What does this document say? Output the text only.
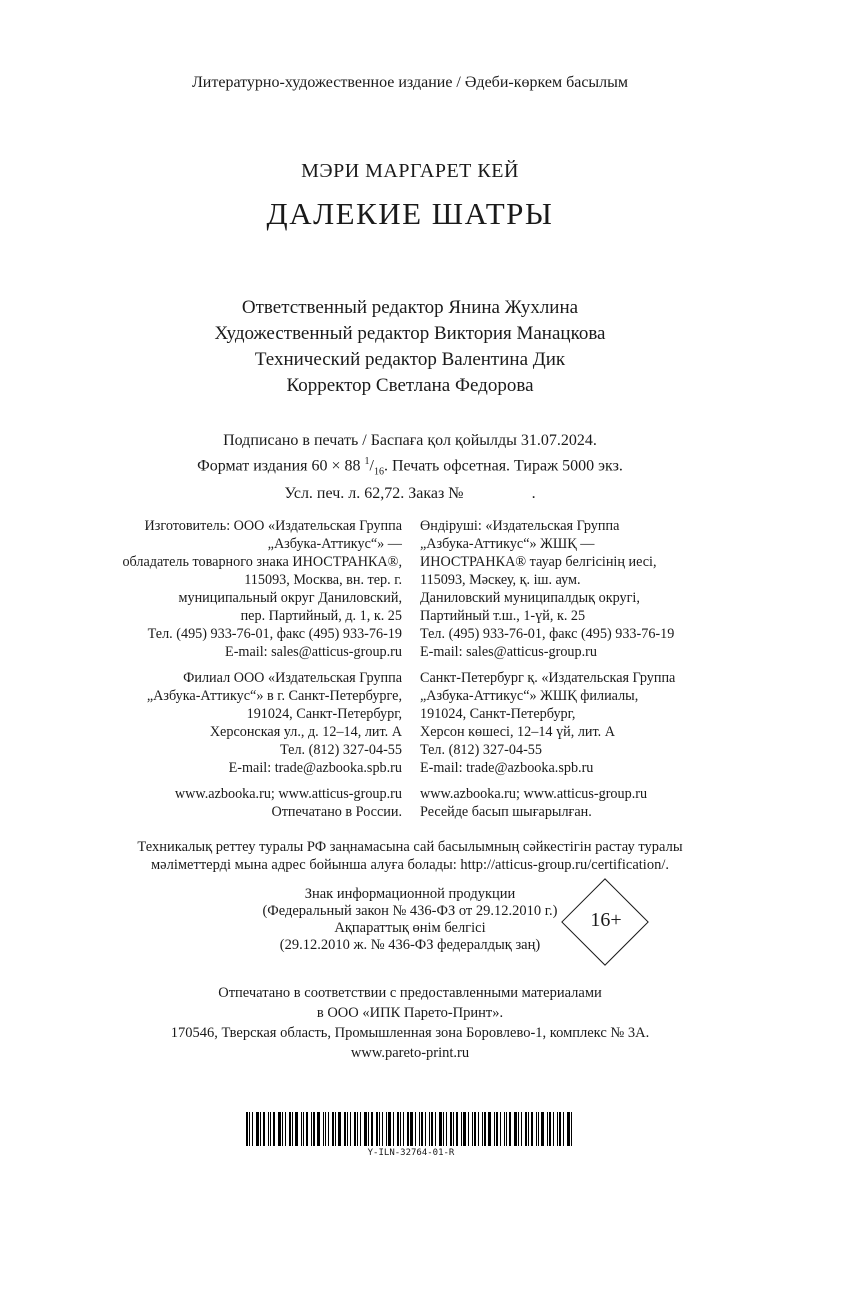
Литературно-художественное издание / Әдеби-көркем басылым
МЭРИ МАРГАРЕТ КЕЙ
ДАЛЕКИЕ ШАТРЫ
Ответственный редактор Янина Жухлина
Художественный редактор Виктория Манацкова
Технический редактор Валентина Дик
Корректор Светлана Федорова
Подписано в печать / Баспаға қол қойылды 31.07.2024.
Формат издания 60 × 88 $^1/_{16}$. Печать офсетная. Тираж 5000 экз.
Усл. печ. л. 62,72. Заказ №                 .
Изготовитель: ООО «Издательская Группа
„Азбука-Аттикус“» —
обладатель товарного знака ИНОСТРАНКА®,
115093, Москва, вн. тер. г.
муниципальный округ Даниловский,
пер. Партийный, д. 1, к. 25
Тел. (495) 933-76-01, факс (495) 933-76-19
E-mail: sales@atticus-group.ru
Филиал ООО «Издательская Группа
„Азбука-Аттикус“» в г. Санкт-Петербурге,
191024, Санкт-Петербург,
Херсонская ул., д. 12–14, лит. А
Тел. (812) 327-04-55
E-mail: trade@azbooka.spb.ru
www.azbooka.ru; www.atticus-group.ru
Отпечатано в России.
Өндіруші: «Издательская Группа
„Азбука-Аттикус“» ЖШҚ —
ИНОСТРАНКА® тауар белгісінің иесі,
115093, Мәскеу, қ. іш. аум.
Даниловский муниципалдық округі,
Партийный т.ш., 1-үй, к. 25
Тел. (495) 933-76-01, факс (495) 933-76-19
E-mail: sales@atticus-group.ru
Санкт-Петербург қ. «Издательская Группа
„Азбука-Аттикус“» ЖШҚ филиалы,
191024, Санкт-Петербург,
Херсон көшесі, 12–14 үй, лит. А
Тел. (812) 327-04-55
E-mail: trade@azbooka.spb.ru
www.azbooka.ru; www.atticus-group.ru
Ресейде басып шығарылған.
Техникалық реттеу туралы РФ заңнамасына сай басылымның сәйкестігін растау туралы
мәліметтерді мына адрес бойынша алуға болады: http://atticus-group.ru/certification/.
Знак информационной продукции
(Федеральный закон № 436-ФЗ от 29.12.2010 г.)
Ақпараттық өнім белгісі
(29.12.2010 ж. № 436-ФЗ федералдық заң)
16+
Отпечатано в соответствии с предоставленными материалами
в ООО «ИПК Парето-Принт».
170546, Тверская область, Промышленная зона Боровлево-1, комплекс № 3А.
www.pareto-print.ru
Y-ILN-32764-01-R
